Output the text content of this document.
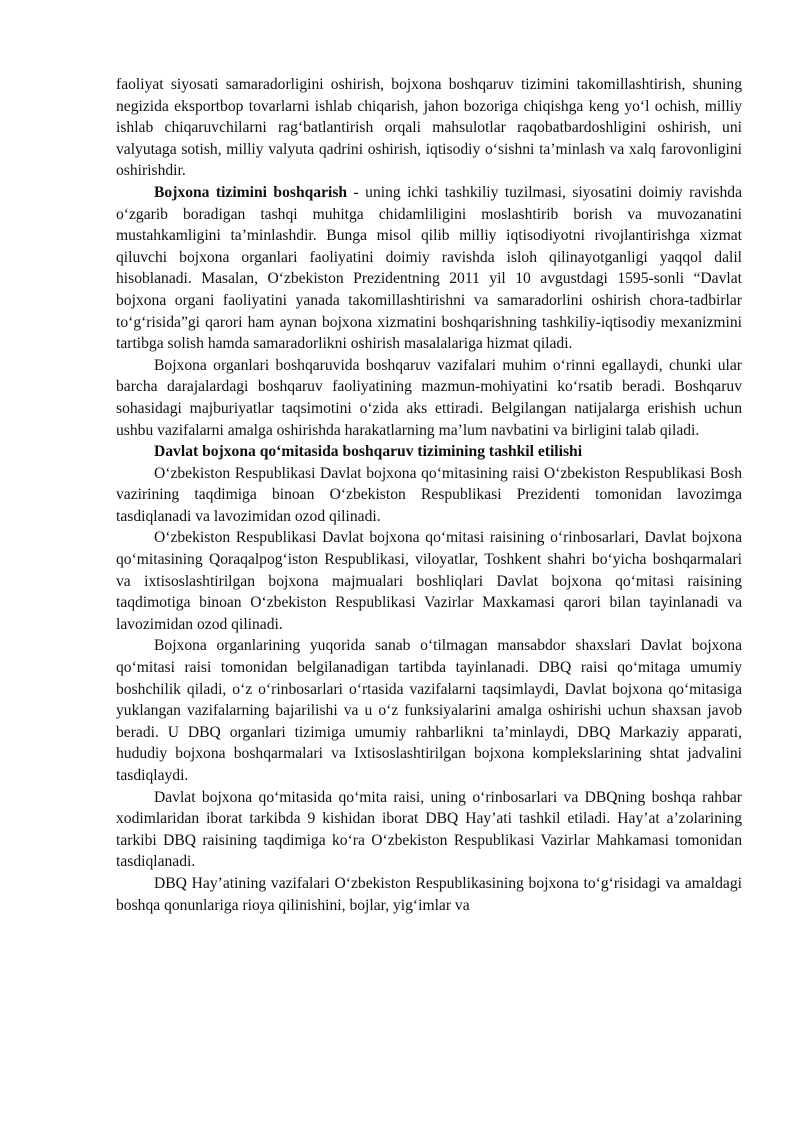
faoliyat siyosati samaradorligini oshirish, bojxona boshqaruv tizimini takomillashtirish, shuning negizida eksportbop tovarlarni ishlab chiqarish, jahon bozoriga chiqishga keng yo‘l ochish, milliy ishlab chiqaruvchilarni rag‘batlantirish orqali mahsulotlar raqobatbardoshligini oshirish, uni valyutaga sotish, milliy valyuta qadrini oshirish, iqtisodiy o‘sishni ta’minlash va xalq farovonligini oshirishdir.

Bojxona tizimini boshqarish - uning ichki tashkiliy tuzilmasi, siyosatini doimiy ravishda o‘zgarib boradigan tashqi muhitga chidamliligini moslashtirib borish va muvozanatini mustahkamligini ta’minlashdir. Bunga misol qilib milliy iqtisodiyotni rivojlantirishga xizmat qiluvchi bojxona organlari faoliyatini doimiy ravishda isloh qilinayotganligi yaqqol dalil hisoblanadi. Masalan, O‘zbekiston Prezidentning 2011 yil 10 avgustdagi 1595-sonli “Davlat bojxona organi faoliyatini yanada takomillashtirishni va samaradorlini oshirish chora-tadbirlar to‘g‘risida”gi qarori ham aynan bojxona xizmatini boshqarishning tashkiliy-iqtisodiy mexanizmini tartibga solish hamda samaradorlikni oshirish masalalariga hizmat qiladi.

Bojxona organlari boshqaruvida boshqaruv vazifalari muhim o‘rinni egallaydi, chunki ular barcha darajalardagi boshqaruv faoliyatining mazmun-mohiyatini ko‘rsatib beradi. Boshqaruv sohasidagi majburiyatlar taqsimotini o‘zida aks ettiradi. Belgilangan natijalarga erishish uchun ushbu vazifalarni amalga oshirishda harakatlarning ma’lum navbatini va birligini talab qiladi.

Davlat bojxona qo‘mitasida boshqaruv tizimining tashkil etilishi

O‘zbekiston Respublikasi Davlat bojxona qo‘mitasining raisi O‘zbekiston Respublikasi Bosh vazirining taqdimiga binoan O‘zbekiston Respublikasi Prezidenti tomonidan lavozimga tasdiqlanadi va lavozimidan ozod qilinadi.

O‘zbekiston Respublikasi Davlat bojxona qo‘mitasi raisining o‘rinbosarlari, Davlat bojxona qo‘mitasining Qoraqalpog‘iston Respublikasi, viloyatlar, Toshkent shahri bo‘yicha boshqarmalari va ixtisoslashtirilgan bojxona majmualari boshliqlari Davlat bojxona qo‘mitasi raisining taqdimotiga binoan O‘zbekiston Respublikasi Vazirlar Maxkamasi qarori bilan tayinlanadi va lavozimidan ozod qilinadi.

Bojxona organlarining yuqorida sanab o‘tilmagan mansabdor shaxslari Davlat bojxona qo‘mitasi raisi tomonidan belgilanadigan tartibda tayinlanadi. DBQ raisi qo‘mitaga umumiy boshchilik qiladi, o‘z o‘rinbosarlari o‘rtasida vazifalarni taqsimlaydi, Davlat bojxona qo‘mitasiga yuklangan vazifalarning bajarilishi va u o‘z funksiyalarini amalga oshirishi uchun shaxsan javob beradi. U DBQ organlari tizimiga umumiy rahbarlikni ta’minlaydi, DBQ Markaziy apparati, hududiy bojxona boshqarmalari va Ixtisoslashtirilgan bojxona komplekslarining shtat jadvalini tasdiqlaydi.

Davlat bojxona qo‘mitasida qo‘mita raisi, uning o‘rinbosarlari va DBQning boshqa rahbar xodimlaridan iborat tarkibda 9 kishidan iborat DBQ Hay’ati tashkil etiladi. Hay’at a’zolarining tarkibi DBQ raisining taqdimiga ko‘ra O‘zbekiston Respublikasi Vazirlar Mahkamasi tomonidan tasdiqlanadi.

DBQ Hay’atining vazifalari O‘zbekiston Respublikasining bojxona to‘g‘risidagi va amaldagi boshqa qonunlariga rioya qilinishini, bojlar, yig‘imlar va
